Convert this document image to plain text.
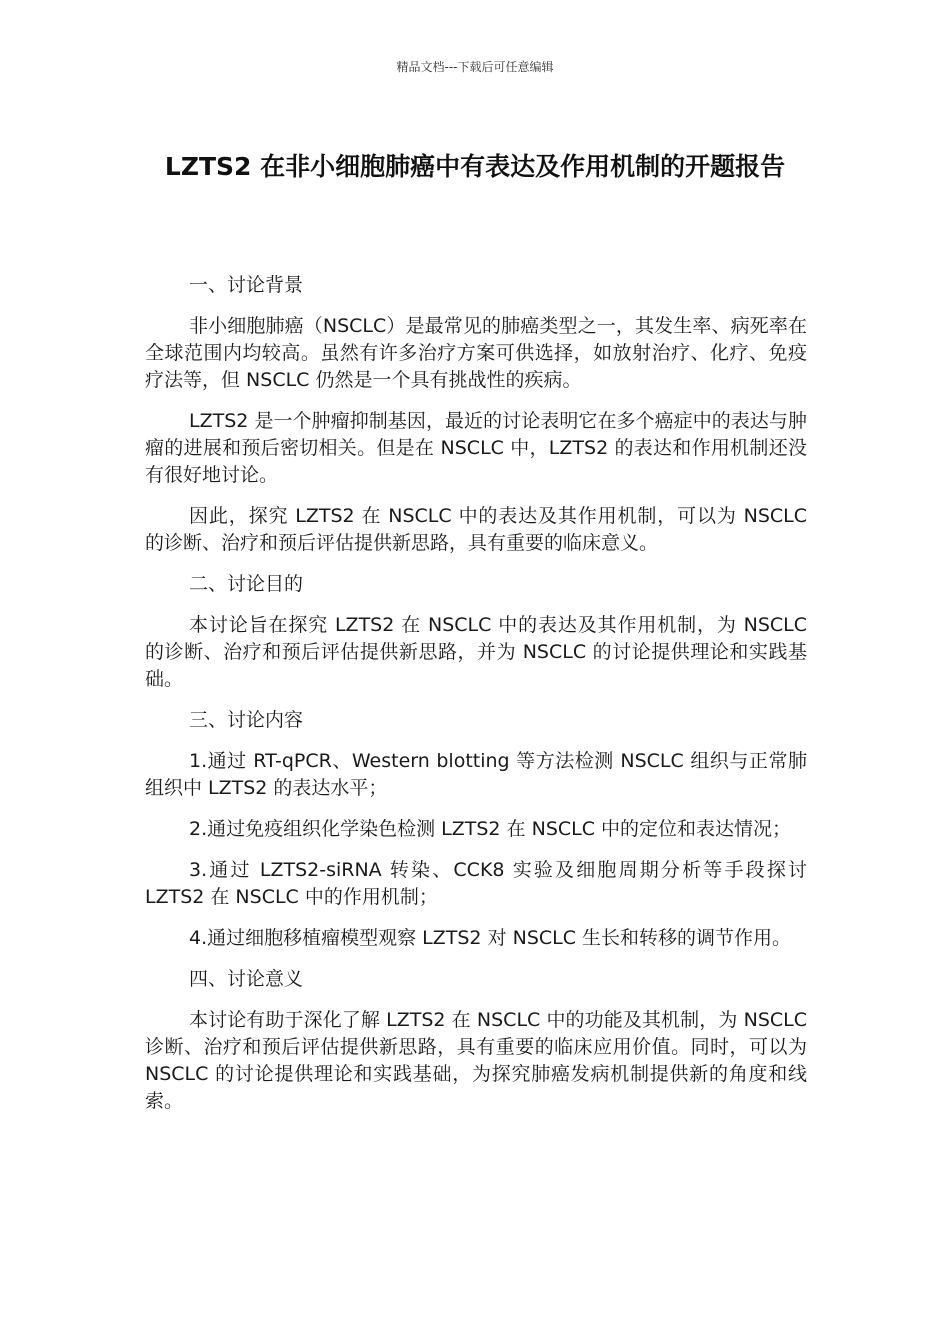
精品文档---下载后可任意编辑
LZTS2 在非小细胞肺癌中有表达及作用机制的开题报告

一、讨论背景

非小细胞肺癌（NSCLC）是最常见的肺癌类型之一，其发生率、病死率在全球范围内均较高。虽然有许多治疗方案可供选择，如放射治疗、化疗、免疫疗法等，但 NSCLC 仍然是一个具有挑战性的疾病。

LZTS2 是一个肿瘤抑制基因，最近的讨论表明它在多个癌症中的表达与肿瘤的进展和预后密切相关。但是在 NSCLC 中，LZTS2 的表达和作用机制还没有很好地讨论。

因此，探究 LZTS2 在 NSCLC 中的表达及其作用机制，可以为 NSCLC 的诊断、治疗和预后评估提供新思路，具有重要的临床意义。

二、讨论目的

本讨论旨在探究 LZTS2 在 NSCLC 中的表达及其作用机制，为 NSCLC 的诊断、治疗和预后评估提供新思路，并为 NSCLC 的讨论提供理论和实践基础。

三、讨论内容

1.通过 RT-qPCR、Western blotting 等方法检测 NSCLC 组织与正常肺组织中 LZTS2 的表达水平；

2.通过免疫组织化学染色检测 LZTS2 在 NSCLC 中的定位和表达情况；

3.通过 LZTS2-siRNA 转染、CCK8 实验及细胞周期分析等手段探讨 LZTS2 在 NSCLC 中的作用机制；

4.通过细胞移植瘤模型观察 LZTS2 对 NSCLC 生长和转移的调节作用。

四、讨论意义

本讨论有助于深化了解 LZTS2 在 NSCLC 中的功能及其机制，为 NSCLC 诊断、治疗和预后评估提供新思路，具有重要的临床应用价值。同时，可以为 NSCLC 的讨论提供理论和实践基础，为探究肺癌发病机制提供新的角度和线索。
